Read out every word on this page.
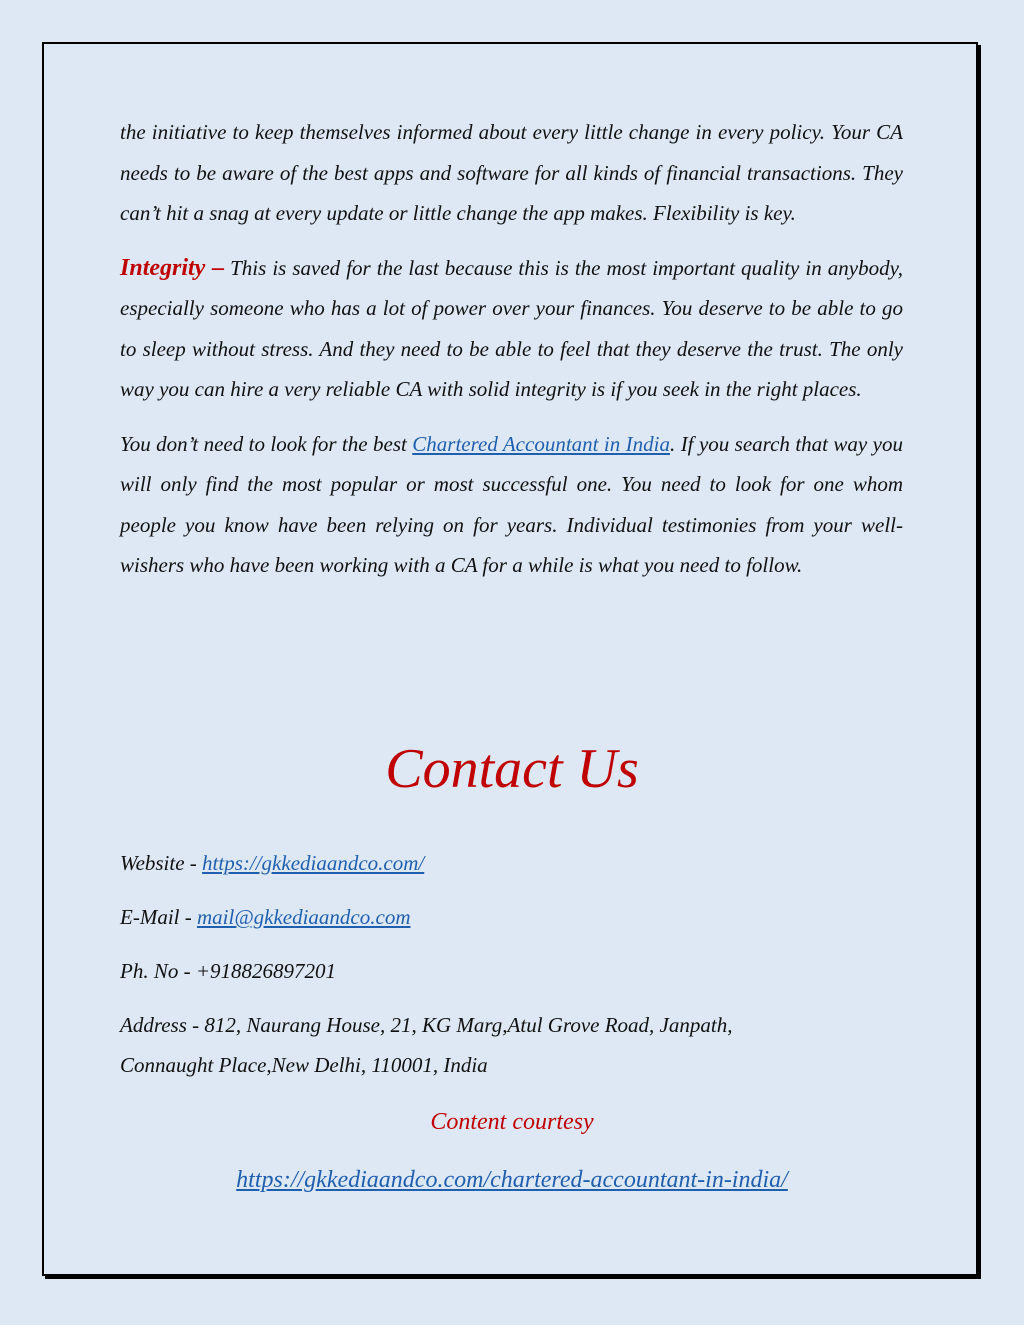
the initiative to keep themselves informed about every little change in every policy. Your CA needs to be aware of the best apps and software for all kinds of financial transactions. They can’t hit a snag at every update or little change the app makes. Flexibility is key.

Integrity – This is saved for the last because this is the most important quality in anybody, especially someone who has a lot of power over your finances. You deserve to be able to go to sleep without stress. And they need to be able to feel that they deserve the trust. The only way you can hire a very reliable CA with solid integrity is if you seek in the right places.

You don’t need to look for the best Chartered Accountant in India. If you search that way you will only find the most popular or most successful one. You need to look for one whom people you know have been relying on for years. Individual testimonies from your well-wishers who have been working with a CA for a while is what you need to follow.

Contact Us

Website - https://gkkediaandco.com/

E-Mail - mail@gkkediaandco.com

Ph. No - +918826897201

Address - 812, Naurang House, 21, KG Marg,Atul Grove Road, Janpath,
Connaught Place,New Delhi, 110001, India

Content courtesy
https://gkkediaandco.com/chartered-accountant-in-india/
